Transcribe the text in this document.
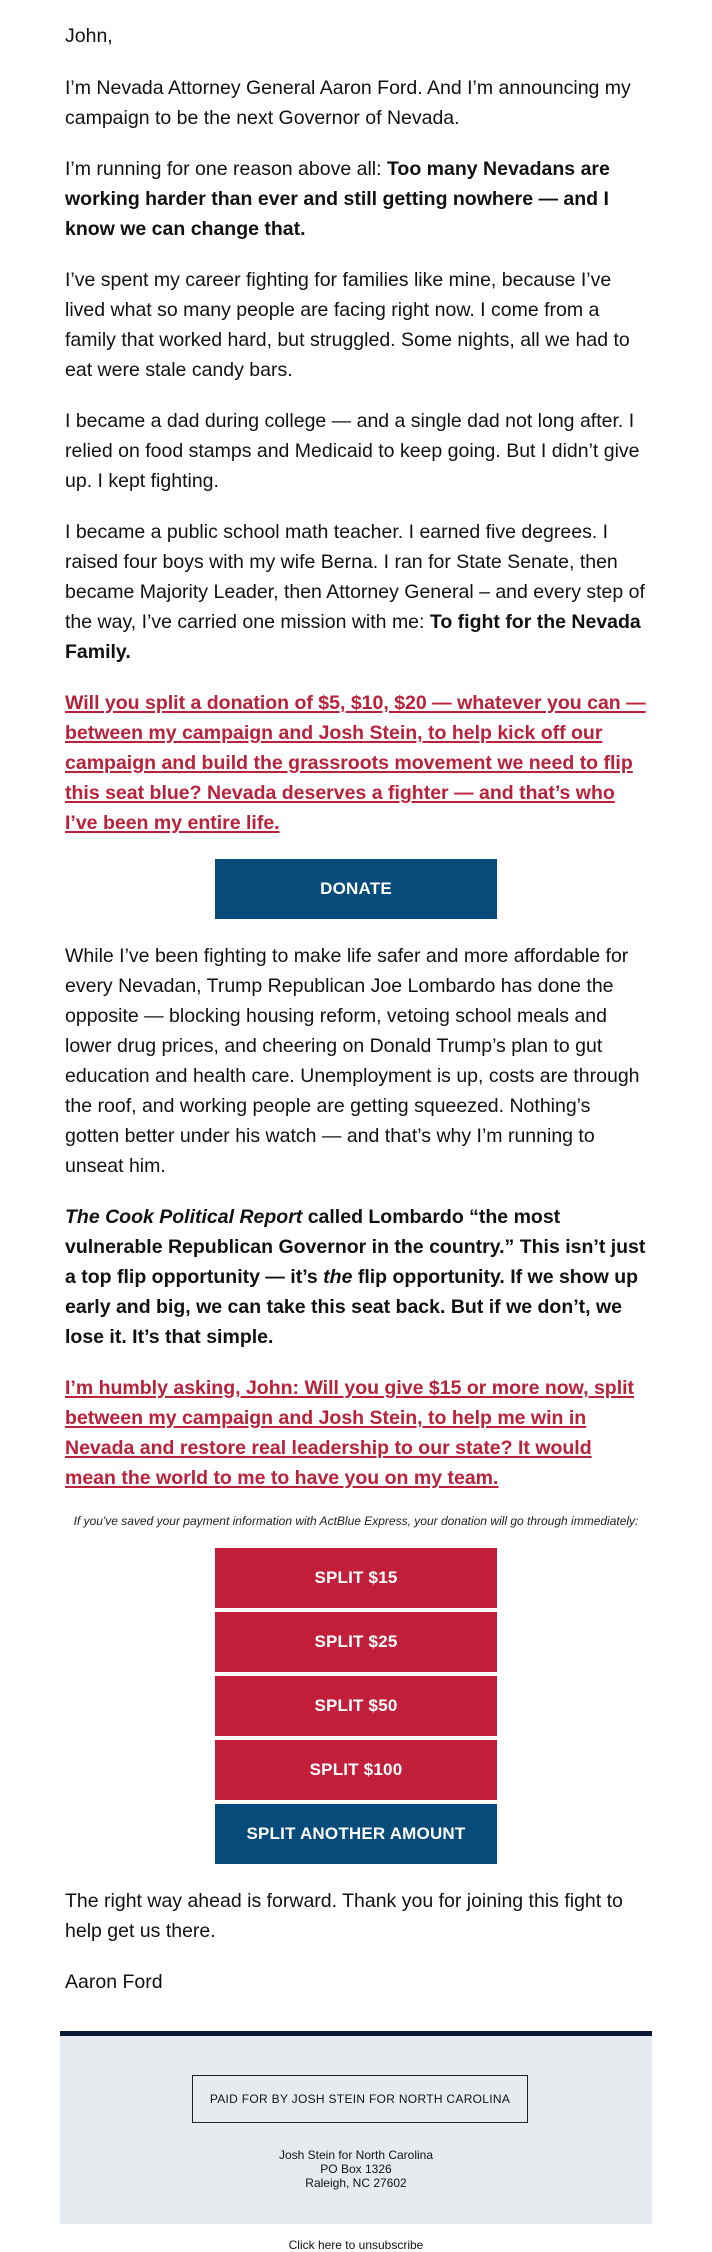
John,

I’m Nevada Attorney General Aaron Ford. And I’m announcing my campaign to be the next Governor of Nevada.

I’m running for one reason above all: Too many Nevadans are working harder than ever and still getting nowhere — and I know we can change that.

I’ve spent my career fighting for families like mine, because I’ve lived what so many people are facing right now. I come from a family that worked hard, but struggled. Some nights, all we had to eat were stale candy bars.

I became a dad during college — and a single dad not long after. I relied on food stamps and Medicaid to keep going. But I didn’t give up. I kept fighting.

I became a public school math teacher. I earned five degrees. I raised four boys with my wife Berna. I ran for State Senate, then became Majority Leader, then Attorney General – and every step of the way, I’ve carried one mission with me: To fight for the Nevada Family.

Will you split a donation of $5, $10, $20 — whatever you can — between my campaign and Josh Stein, to help kick off our campaign and build the grassroots movement we need to flip this seat blue? Nevada deserves a fighter — and that’s who I’ve been my entire life.
DONATE

While I’ve been fighting to make life safer and more affordable for every Nevadan, Trump Republican Joe Lombardo has done the opposite — blocking housing reform, vetoing school meals and lower drug prices, and cheering on Donald Trump’s plan to gut education and health care. Unemployment is up, costs are through the roof, and working people are getting squeezed. Nothing’s gotten better under his watch — and that’s why I’m running to unseat him.

The Cook Political Report called Lombardo “the most vulnerable Republican Governor in the country.” This isn’t just a top flip opportunity — it’s the flip opportunity. If we show up early and big, we can take this seat back. But if we don’t, we lose it. It’s that simple.

I’m humbly asking, John: Will you give $15 or more now, split between my campaign and Josh Stein, to help me win in Nevada and restore real leadership to our state? It would mean the world to me to have you on my team.

If you've saved your payment information with ActBlue Express, your donation will go through immediately:

SPLIT $15
SPLIT $25
SPLIT $50
SPLIT $100
SPLIT ANOTHER AMOUNT

The right way ahead is forward. Thank you for joining this fight to help get us there.

Aaron Ford

PAID FOR BY JOSH STEIN FOR NORTH CAROLINA
Josh Stein for North Carolina
PO Box 1326
Raleigh, NC 27602
Click here to unsubscribe
